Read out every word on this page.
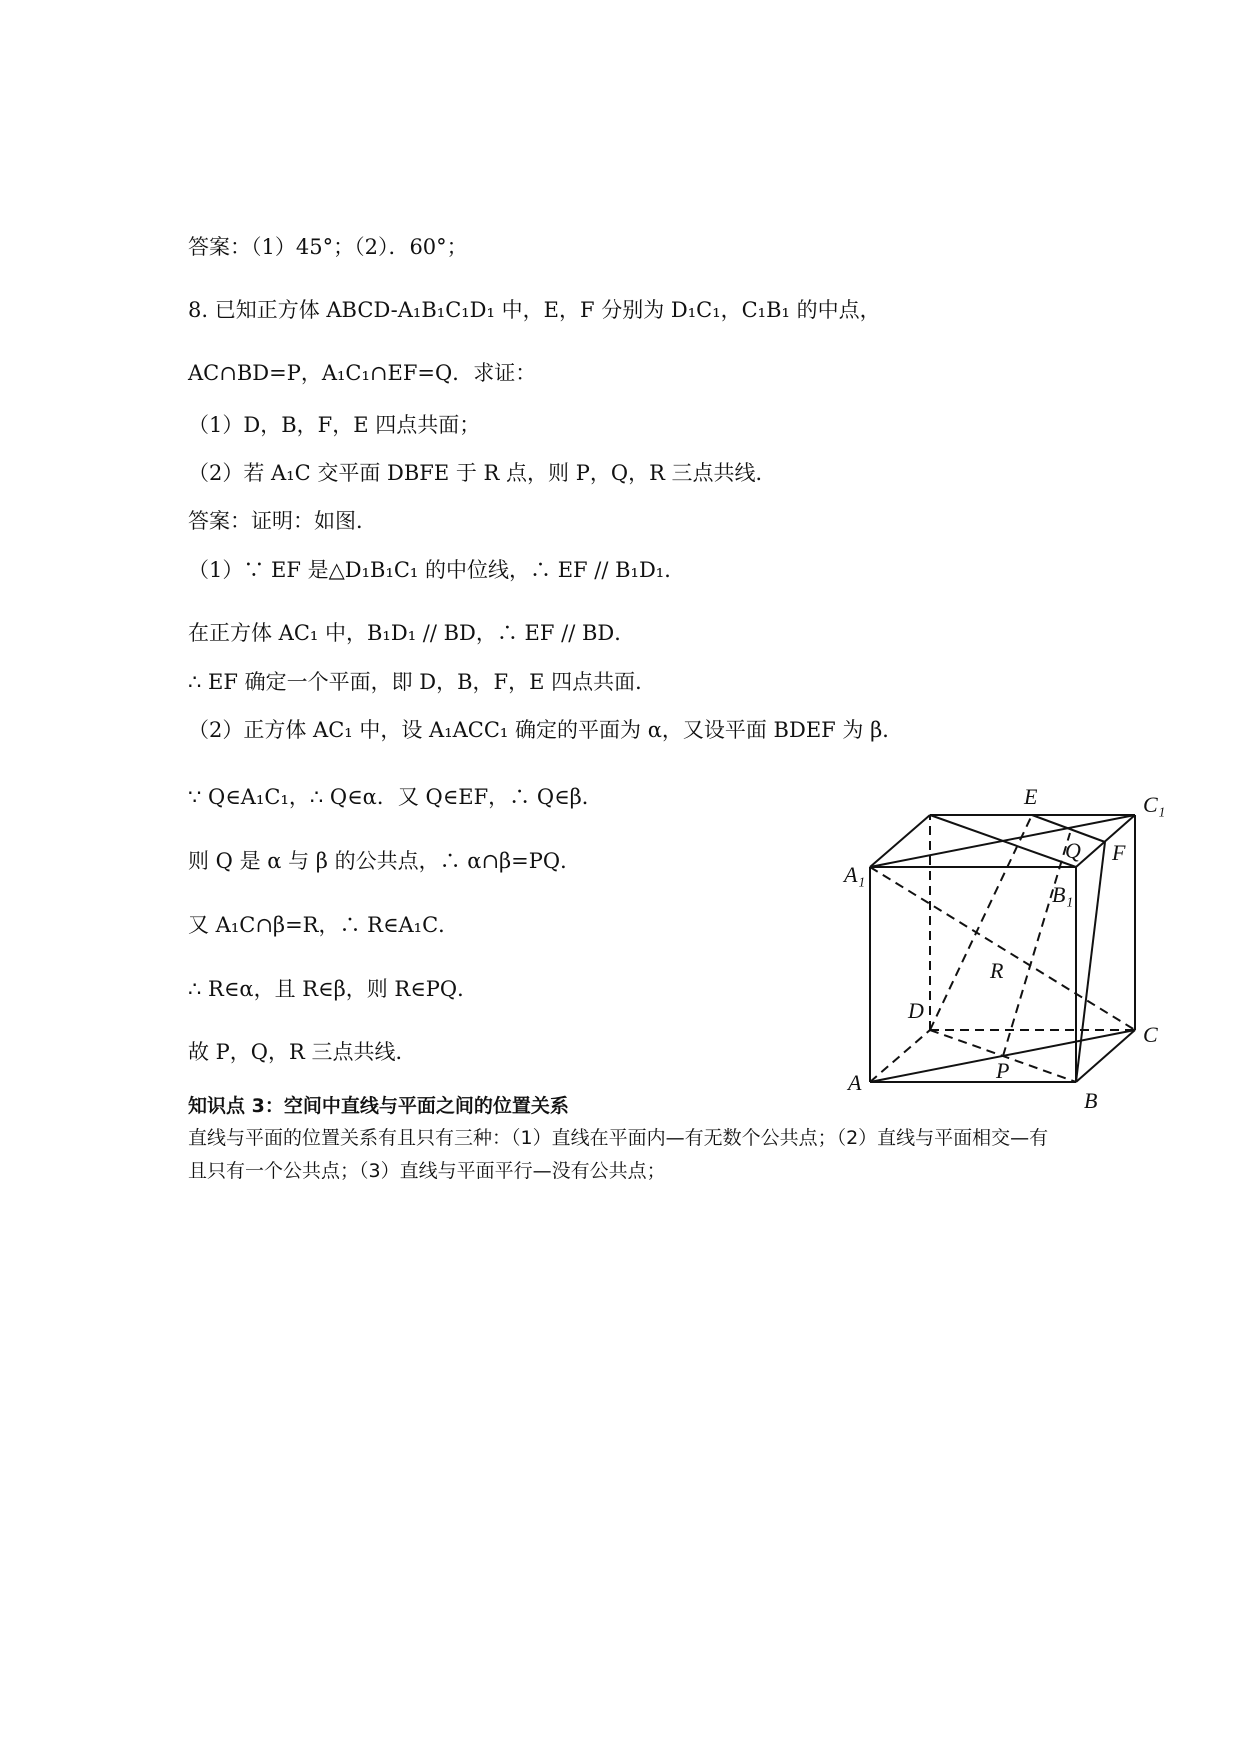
答案：（1）45°；（2）．60°；
8. 已知正方体 ABCD-A₁B₁C₁D₁ 中，E，F 分别为 D₁C₁，C₁B₁ 的中点，
AC∩BD=P，A₁C₁∩EF=Q．求证：
（1）D，B，F，E 四点共面；
（2）若 A₁C 交平面 DBFE 于 R 点，则 P，Q，R 三点共线．
答案：证明：如图．
（1）∵ EF 是△D₁B₁C₁ 的中位线，∴ EF // B₁D₁．
在正方体 AC₁ 中，B₁D₁ // BD，∴ EF // BD．
∴ EF 确定一个平面，即 D，B，F，E 四点共面．
（2）正方体 AC₁ 中，设 A₁ACC₁ 确定的平面为 α，又设平面 BDEF 为 β．
∵ Q∈A₁C₁，∴ Q∈α．又 Q∈EF，∴ Q∈β．
则 Q 是 α 与 β 的公共点，∴ α∩β=PQ．
又 A₁C∩β=R，∴ R∈A₁C．
∴ R∈α，且 R∈β，则 R∈PQ．
故 P，Q，R 三点共线．
知识点 3：空间中直线与平面之间的位置关系
直线与平面的位置关系有且只有三种：（1）直线在平面内—有无数个公共点；（2）直线与平面相交—有且只有一个公共点；（3）直线与平面平行—没有公共点；
E	C₁
Q F
A₁
B₁
R
D
C
A	P
B
